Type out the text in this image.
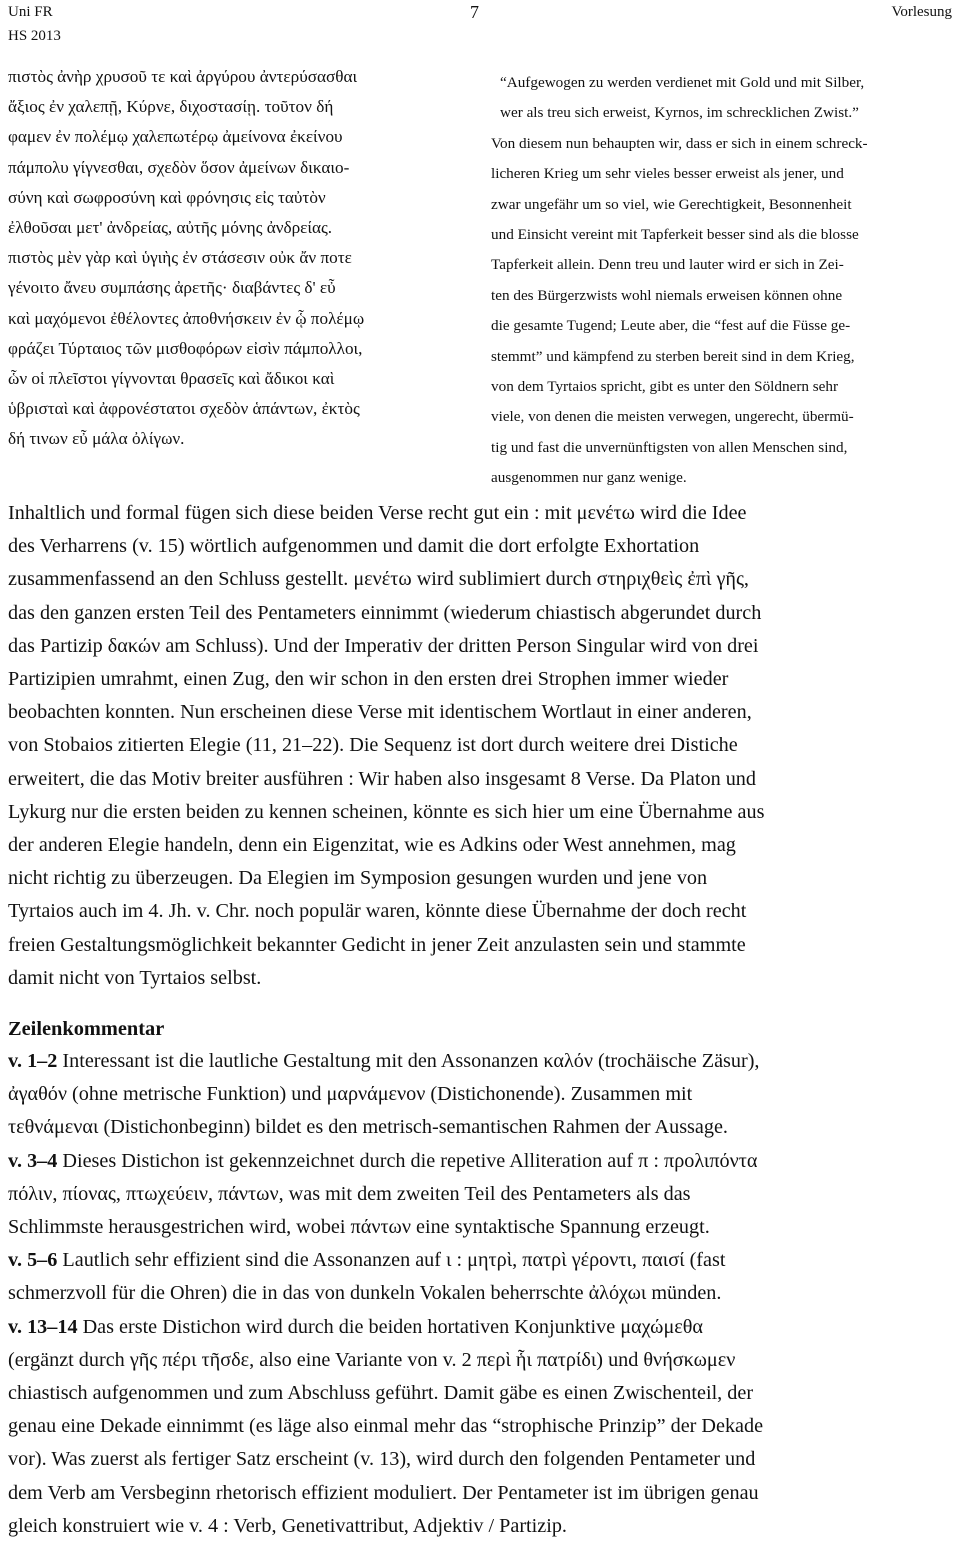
Uni FR
HS 2013
7	Vorlesung
πιστὸς ἀνὴρ χρυσοῦ τε καὶ ἀργύρου ἀντερύσασθαι
ἄξιος ἐν χαλεπῇ, Κύρνε, διχοστασίῃ. τοῦτον δή
φαμεν ἐν πολέμῳ χαλεπωτέρῳ ἀμείνονα ἐκείνου
πάμπολυ γίγνεσθαι, σχεδὸν ὅσον ἀμείνων δικαιο-
σύνη καὶ σωφροσύνη καὶ φρόνησις εἰς ταὐτὸν
ἐλθοῦσαι μετ' ἀνδρείας, αὐτῆς μόνης ἀνδρείας.
πιστὸς μὲν γὰρ καὶ ὑγιὴς ἐν στάσεσιν οὐκ ἄν ποτε
γένοιτο ἄνευ συμπάσης ἀρετῆς· διαβάντες δ' εὖ
καὶ μαχόμενοι ἐθέλοντες ἀποθνήσκειν ἐν ᾧ πολέμῳ
φράζει Τύρταιος τῶν μισθοφόρων εἰσὶν πάμπολλοι,
ὧν οἱ πλεῖστοι γίγνονται θρασεῖς καὶ ἄδικοι καὶ
ὑβρισταὶ καὶ ἀφρονέστατοι σχεδὸν ἁπάντων, ἐκτὸς
δή τινων εὖ μάλα ὀλίγων.
“Aufgewogen zu werden verdienet mit Gold und mit Silber,
wer als treu sich erweist, Kyrnos, im schrecklichen Zwist.”
Von diesem nun behaupten wir, dass er sich in einem schreck-
licheren Krieg um sehr vieles besser erweist als jener, und
zwar ungefähr um so viel, wie Gerechtigkeit, Besonnenheit
und Einsicht vereint mit Tapferkeit besser sind als die blosse
Tapferkeit allein. Denn treu und lauter wird er sich in Zei-
ten des Bürgerzwists wohl niemals erweisen können ohne
die gesamte Tugend; Leute aber, die “fest auf die Füsse ge-
stemmt” und kämpfend zu sterben bereit sind in dem Krieg,
von dem Tyrtaios spricht, gibt es unter den Söldnern sehr
viele, von denen die meisten verwegen, ungerecht, übermü-
tig und fast die unvernünftigsten von allen Menschen sind,
ausgenommen nur ganz wenige.
Inhaltlich und formal fügen sich diese beiden Verse recht gut ein : mit μενέτω wird die Idee
des Verharrens (v. 15) wörtlich aufgenommen und damit die dort erfolgte Exhortation
zusammenfassend an den Schluss gestellt. μενέτω wird sublimiert durch στηριχθεὶς ἐπὶ γῆς,
das den ganzen ersten Teil des Pentameters einnimmt (wiederum chiastisch abgerundet durch
das Partizip δακών am Schluss). Und der Imperativ der dritten Person Singular wird von drei
Partizipien umrahmt, einen Zug, den wir schon in den ersten drei Strophen immer wieder
beobachten konnten. Nun erscheinen diese Verse mit identischem Wortlaut in einer anderen,
von Stobaios zitierten Elegie (11, 21–22). Die Sequenz ist dort durch weitere drei Distiche
erweitert, die das Motiv breiter ausführen : Wir haben also insgesamt 8 Verse. Da Platon und
Lykurg nur die ersten beiden zu kennen scheinen, könnte es sich hier um eine Übernahme aus
der anderen Elegie handeln, denn ein Eigenzitat, wie es Adkins oder West annehmen, mag
nicht richtig zu überzeugen. Da Elegien im Symposion gesungen wurden und jene von
Tyrtaios auch im 4. Jh. v. Chr. noch populär waren, könnte diese Übernahme der doch recht
freien Gestaltungsmöglichkeit bekannter Gedicht in jener Zeit anzulasten sein und stammte
damit nicht von Tyrtaios selbst.
Zeilenkommentar
v. 1–2 Interessant ist die lautliche Gestaltung mit den Assonanzen καλόν (trochäische Zäsur),
ἀγαθόν (ohne metrische Funktion) und μαρνάμενον (Distichonende). Zusammen mit
τεθνάμεναι (Distichonbeginn) bildet es den metrisch-semantischen Rahmen der Aussage.
v. 3–4 Dieses Distichon ist gekennzeichnet durch die repetive Alliteration auf π : προλιπόντα
πόλιν, πίονας, πτωχεύειν, πάντων, was mit dem zweiten Teil des Pentameters als das
Schlimmste herausgestrichen wird, wobei πάντων eine syntaktische Spannung erzeugt.
v. 5–6 Lautlich sehr effizient sind die Assonanzen auf ι : μητρὶ, πατρὶ γέροντι, παισί (fast
schmerzvoll für die Ohren) die in das von dunkeln Vokalen beherrschte ἀλόχωι münden.
v. 13–14 Das erste Distichon wird durch die beiden hortativen Konjunktive μαχώμεθα
(ergänzt durch γῆς πέρι τῆσδε, also eine Variante von v. 2 περὶ ἧι πατρίδι) und θνήσκωμεν
chiastisch aufgenommen und zum Abschluss geführt. Damit gäbe es einen Zwischenteil, der
genau eine Dekade einnimmt (es läge also einmal mehr das “strophische Prinzip” der Dekade
vor). Was zuerst als fertiger Satz erscheint (v. 13), wird durch den folgenden Pentameter und
dem Verb am Versbeginn rhetorisch effizient moduliert. Der Pentameter ist im übrigen genau
gleich konstruiert wie v. 4 : Verb, Genetivattribut, Adjektiv / Partizip.
